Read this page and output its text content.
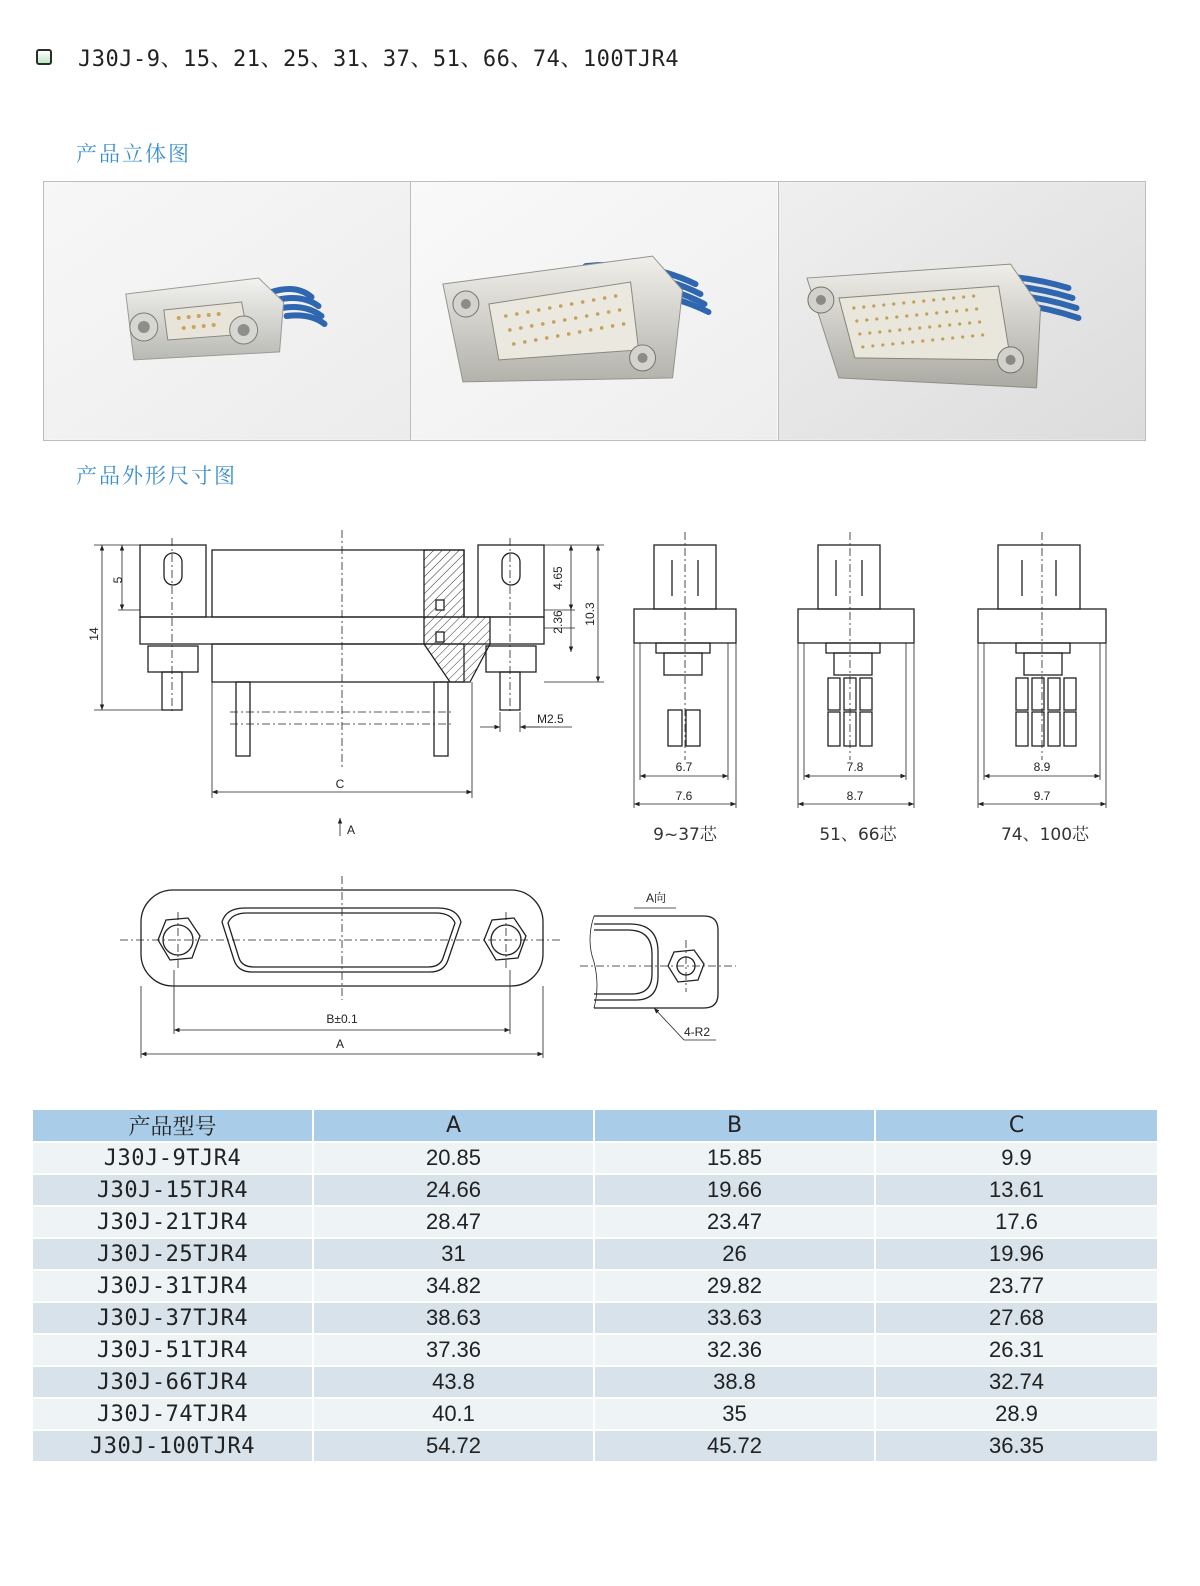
J30J-9、15、21、25、31、37、51、66、74、100TJR4
产品立体图
产品外形尺寸图
14
5	4.65
2.36 10.3
M2.5
C
A
6.7
7.6
9~37芯
7.8
8.7
51、66芯
8.9
9.7
74、100芯
B±0.1
A
A向
4-R2
产品型号	A	B	C
J30J-9TJR4	20.85	15.85	9.9
J30J-15TJR4	24.66	19.66	13.61
J30J-21TJR4	28.47	23.47	17.6
J30J-25TJR4	31	26	19.96
J30J-31TJR4	34.82	29.82	23.77
J30J-37TJR4	38.63	33.63	27.68
J30J-51TJR4	37.36	32.36	26.31
J30J-66TJR4	43.8	38.8	32.74
J30J-74TJR4	40.1	35	28.9
J30J-100TJR4	54.72	45.72	36.35
